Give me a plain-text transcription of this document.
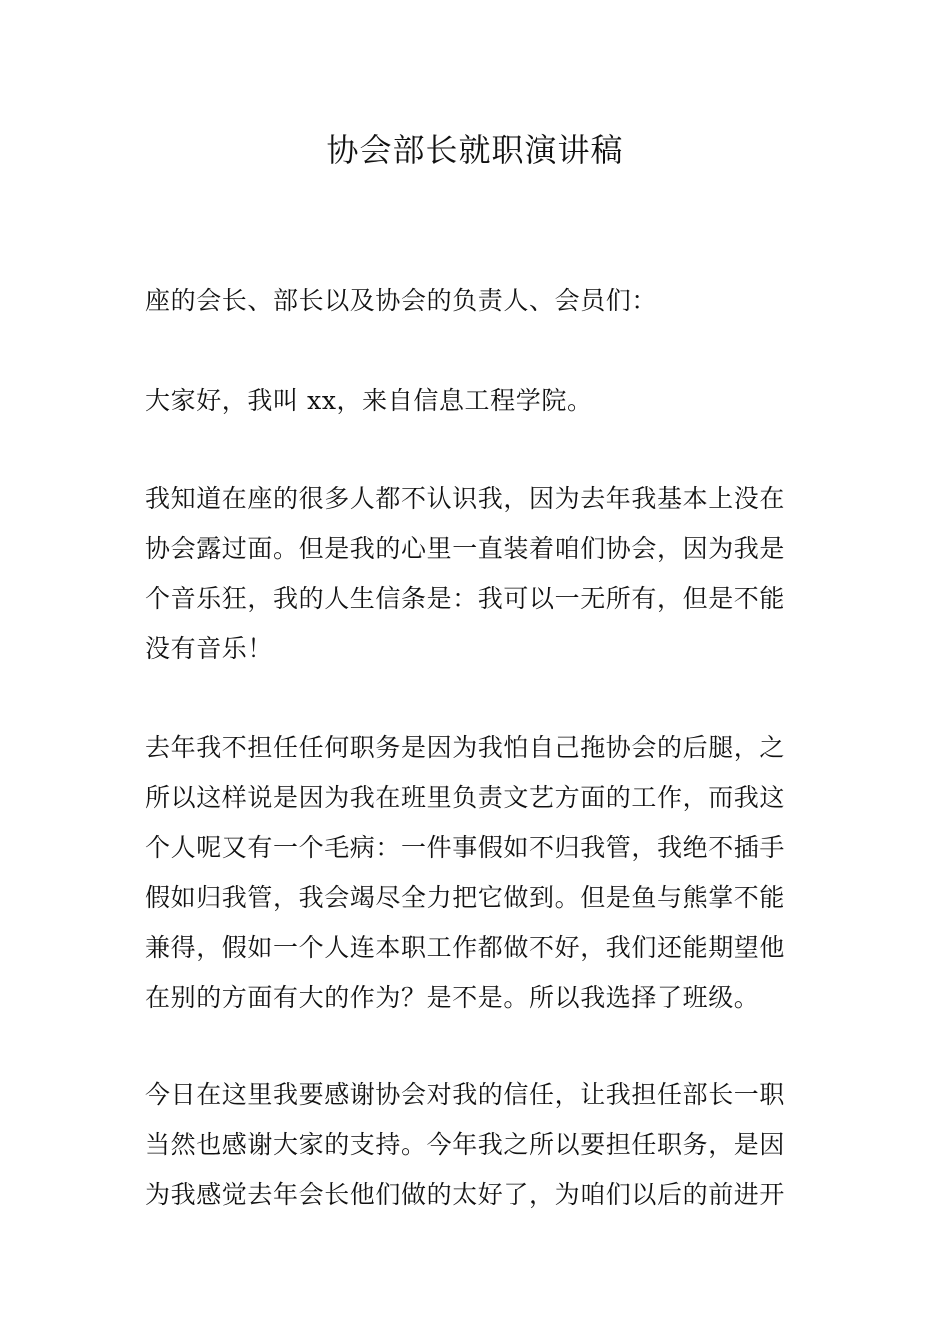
协会部长就职演讲稿

座的会长、部长以及协会的负责人、会员们：

大家好，我叫 xx，来自信息工程学院。

我知道在座的很多人都不认识我，因为去年我基本上没在
协会露过面。但是我的心里一直装着咱们协会，因为我是
个音乐狂，我的人生信条是：我可以一无所有，但是不能
没有音乐！

去年我不担任任何职务是因为我怕自己拖协会的后腿，之
所以这样说是因为我在班里负责文艺方面的工作，而我这
个人呢又有一个毛病：一件事假如不归我管，我绝不插手
假如归我管，我会竭尽全力把它做到。但是鱼与熊掌不能
兼得，假如一个人连本职工作都做不好，我们还能期望他
在别的方面有大的作为？是不是。所以我选择了班级。

今日在这里我要感谢协会对我的信任，让我担任部长一职
当然也感谢大家的支持。今年我之所以要担任职务，是因
为我感觉去年会长他们做的太好了，为咱们以后的前进开
